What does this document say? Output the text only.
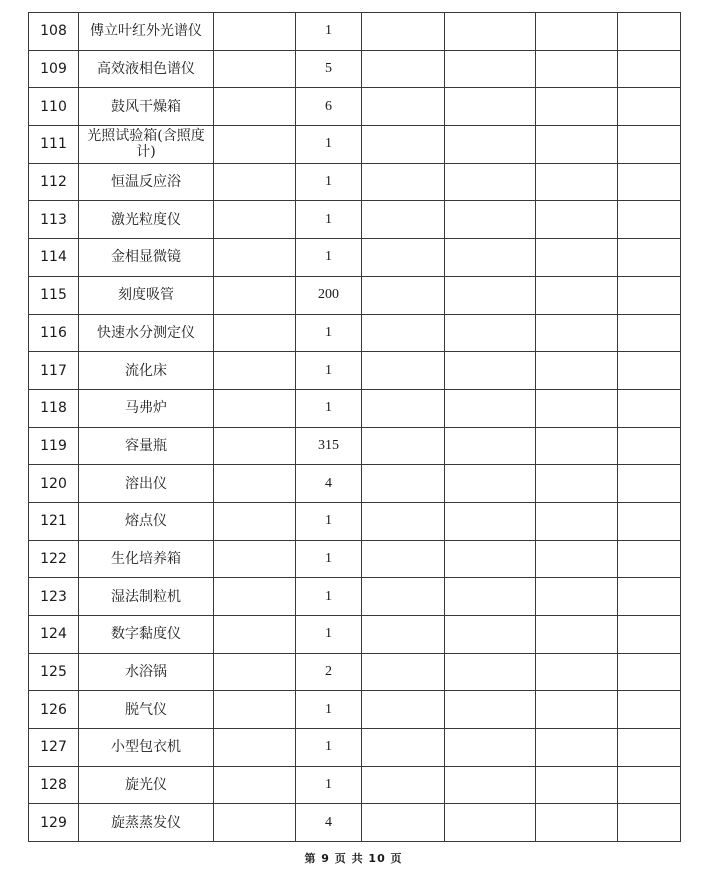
108	傅立叶红外光谱仪		1				
109	高效液相色谱仪		5				
110	鼓风干燥箱		6				
111	光照试验箱(含照度计)		1				
112	恒温反应浴		1				
113	激光粒度仪		1				
114	金相显微镜		1				
115	刻度吸管		200				
116	快速水分测定仪		1				
117	流化床		1				
118	马弗炉		1				
119	容量瓶		315				
120	溶出仪		4				
121	熔点仪		1				
122	生化培养箱		1				
123	湿法制粒机		1				
124	数字黏度仪		1				
125	水浴锅		2				
126	脱气仪		1				
127	小型包衣机		1				
128	旋光仪		1				
129	旋蒸蒸发仪		4				
第 9 页 共 10 页
